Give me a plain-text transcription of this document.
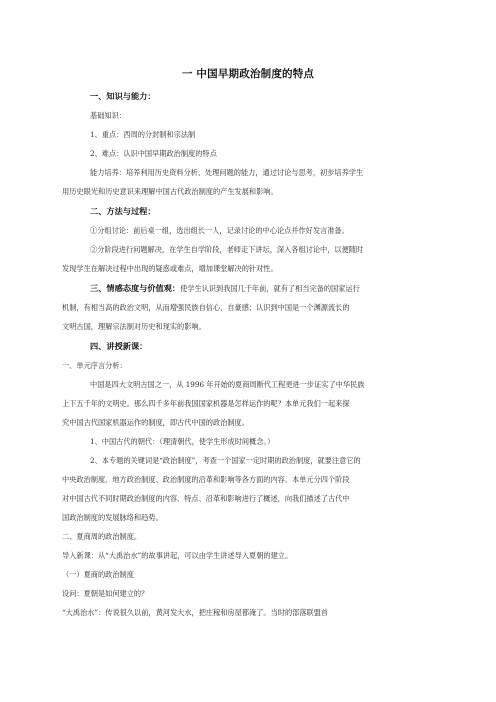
一 中国早期政治制度的特点
一、知识与能力：
基础知识：
1、重点：西周的分封制和宗法制
2、难点：认识中国早期政治制度的特点
能力培养：培养利用历史资料分析、处理问题的能力，通过讨论与思考，初步培养学生
用历史眼光和历史意识来理解中国古代政治制度的产生发展和影响。
二、方法与过程：
①分组讨论：前后桌一组，选出组长一人，记录讨论的中心论点并作好发言准备。
②分阶段进行问题解决，在学生自学阶段，老师走下讲坛，深入各组讨论中，以便随时
发现学生在解决过程中出现的疑惑或难点，增加课堂解决的针对性。
三、情感态度与价值观：使学生认识到我国几千年前，就有了相当完备的国家运行
机制，有相当高的政治文明，从而增强民族自信心，自豪感；认识到中国是一个渊源流长的
文明古国，理解宗法制对历史和现实的影响。
四、讲授新课：
一、单元序言分析：
中国是四大文明古国之一，从 1996 年开始的夏商周断代工程更进一步证实了中华民族
上下五千年的文明史。那么四千多年前我国国家机器是怎样运作的呢？本单元我们一起来探
究中国古代国家机器运作的制度，即古代中国的政治制度。
1、中国古代的朝代：（理清朝代，使学生形成时间概念。）
2、本专题的关键词是“政治制度”，考查一个国家一定时期的政治制度，就要注意它的
中央政治制度、地方政治制度、政治制度的沿革和影响等各方面的内容。本单元分四个阶段
对中国古代不同时期政治制度的内容、特点、沿革和影响进行了概述，向我们描述了古代中
国政治制度的发展脉络和趋势。
二、夏商周的政治制度。
导入新课：从“大禹治水”的故事讲起，可以由学生讲述导入夏朝的建立。
（一）夏商的政治制度
设问：夏朝是如何建立的？
“大禹治水”：传说很久以前，黄河发大水，把庄稼和房屋都淹了。当时的部落联盟首
